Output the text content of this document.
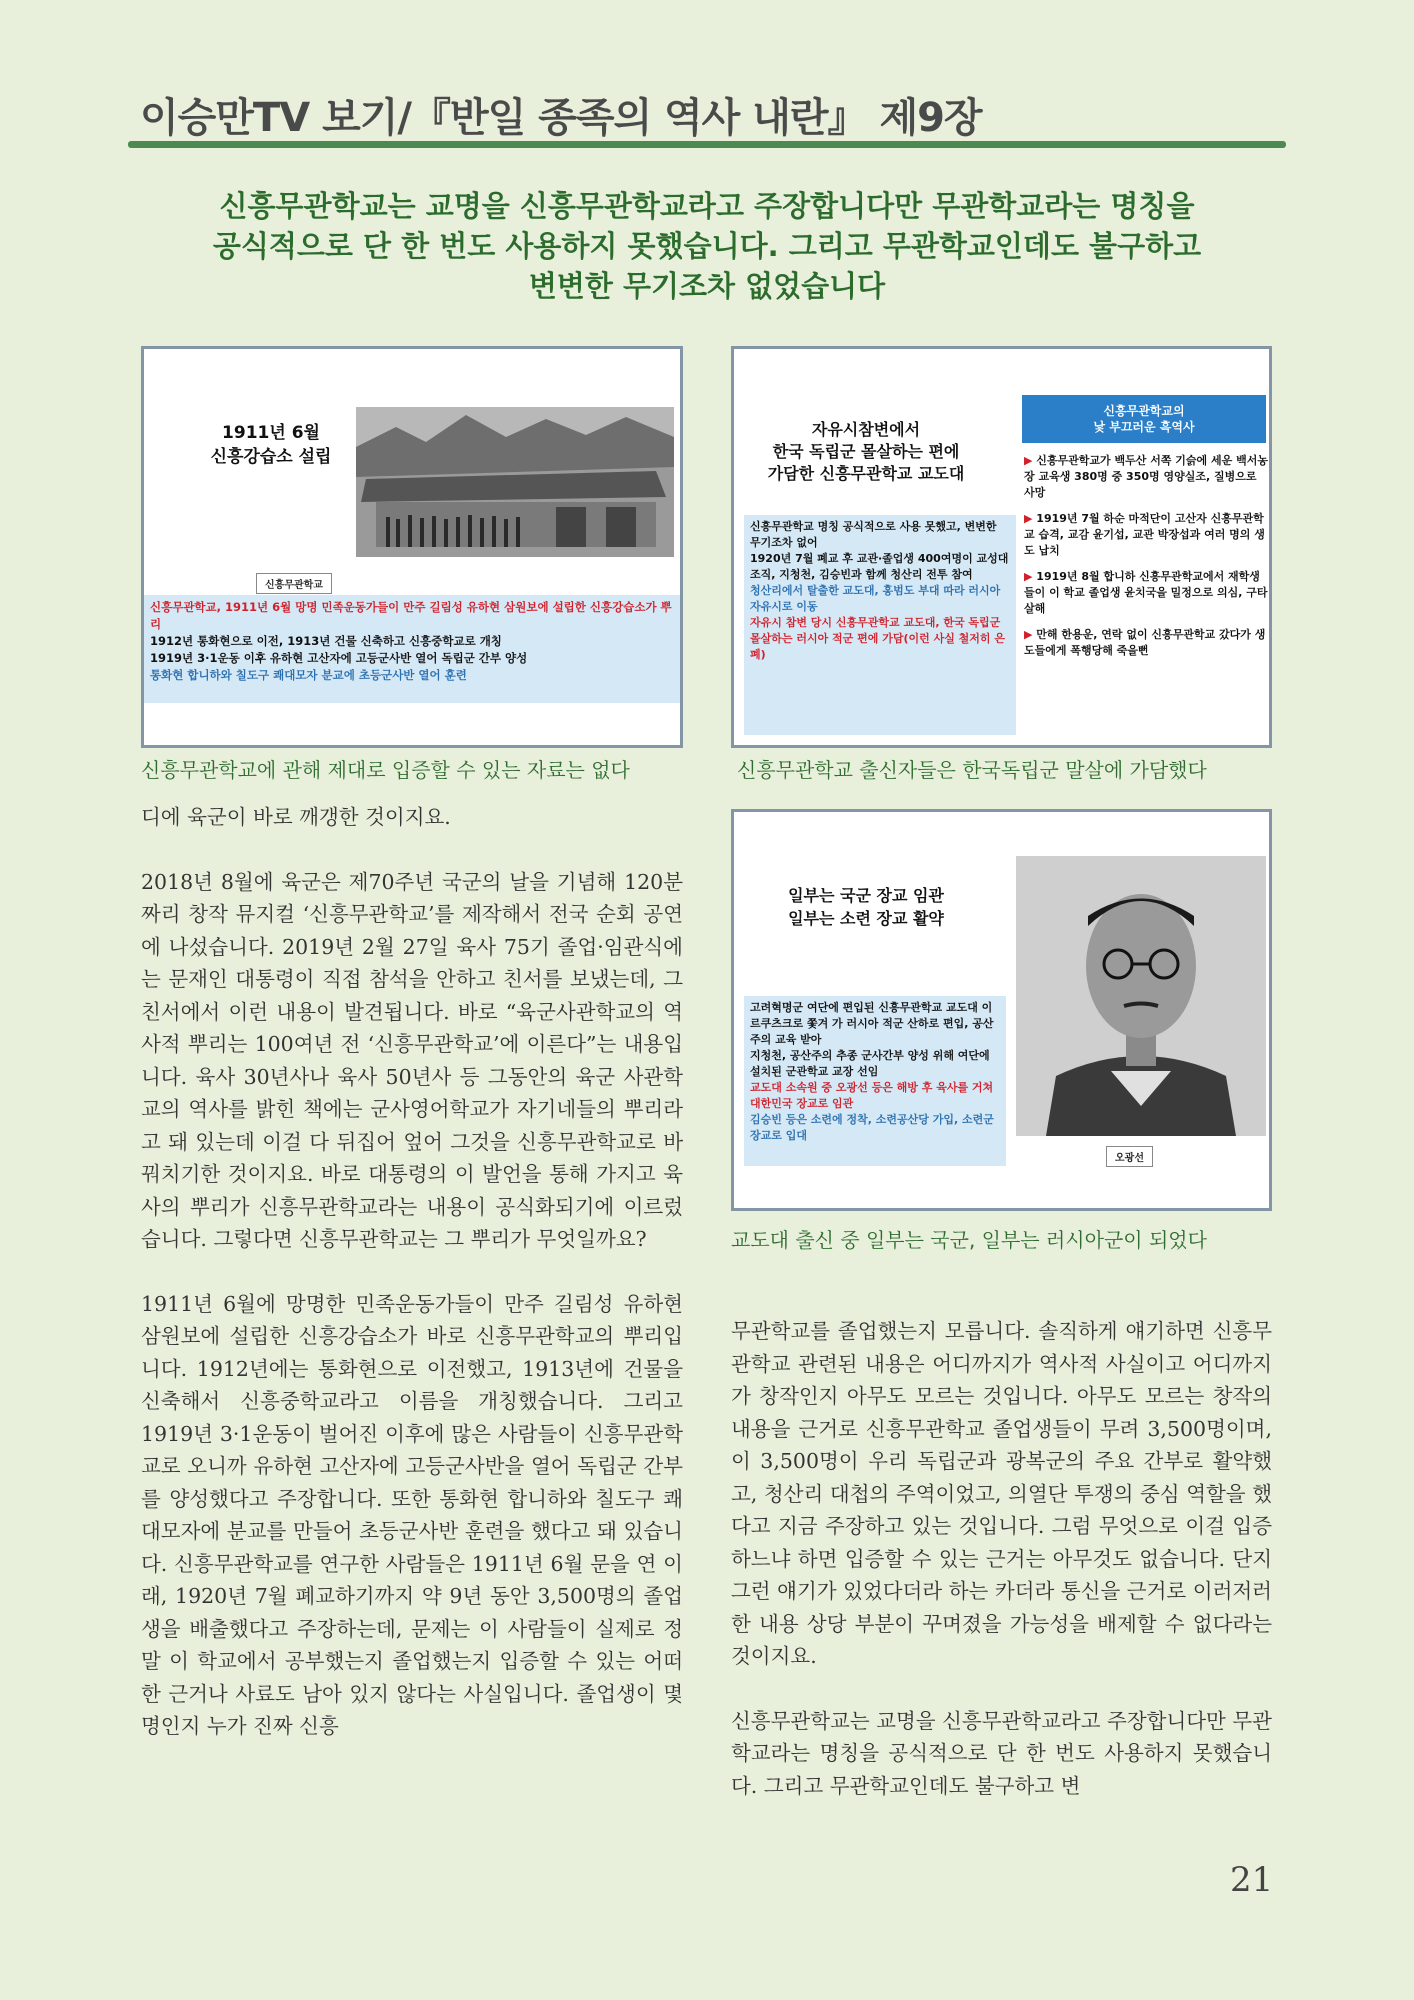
이승만TV 보기/『반일 종족의 역사 내란』 제9장
신흥무관학교는 교명을 신흥무관학교라고 주장합니다만 무관학교라는 명칭을
공식적으로 단 한 번도 사용하지 못했습니다. 그리고 무관학교인데도 불구하고
변변한 무기조차 없었습니다
1911년 6월
신흥강습소 설립
신흥무관학교
신흥무관학교, 1911년 6월 망명 민족운동가들이 만주 길림성 유하현 삼원보에 설립한 신흥강습소가 뿌리
1912년 통화현으로 이전, 1913년 건물 신축하고 신흥중학교로 개칭
1919년 3·1운동 이후 유하현 고산자에 고등군사반 열어 독립군 간부 양성
통화현 합니하와 칠도구 쾌대모자 분교에 초등군사반 열어 훈련
신흥무관학교에 관해 제대로 입증할 수 있는 자료는 없다
자유시참변에서
한국 독립군 몰살하는 편에
가담한 신흥무관학교 교도대
신흥무관학교 명칭 공식적으로 사용 못했고, 변변한 무기조차 없어
1920년 7월 폐교 후 교관·졸업생 400여명이 교성대 조직, 지청천, 김승빈과 함께 청산리 전투 참여
청산리에서 탈출한 교도대, 홍범도 부대 따라 러시아 자유시로 이동
자유시 참변 당시 신흥무관학교 교도대, 한국 독립군 몰살하는 러시아 적군 편에 가담(이런 사실 철저히 은폐)
신흥무관학교의
낯 부끄러운 흑역사
▶ 신흥무관학교가 백두산 서쪽 기슭에 세운 백서농장 교육생 380명 중 350명 영양실조, 질병으로 사망
▶ 1919년 7월 하순 마적단이 고산자 신흥무관학교 습격, 교감 윤기섭, 교관 박장섭과 여러 명의 생도 납치
▶ 1919년 8월 합니하 신흥무관학교에서 재학생들이 이 학교 졸업생 윤치국을 밀정으로 의심, 구타 살해
▶ 만해 한용운, 연락 없이 신흥무관학교 갔다가 생도들에게 폭행당해 죽을뻔
신흥무관학교 출신자들은 한국독립군 말살에 가담했다

디에 육군이 바로 깨갱한 것이지요.

2018년 8월에 육군은 제70주년 국군의 날을 기념해 120분짜리 창작 뮤지컬 ‘신흥무관학교’를 제작해서 전국 순회 공연에 나섰습니다. 2019년 2월 27일 육사 75기 졸업·임관식에는 문재인 대통령이 직접 참석을 안하고 친서를 보냈는데, 그 친서에서 이런 내용이 발견됩니다. 바로 “육군사관학교의 역사적 뿌리는 100여년 전 ‘신흥무관학교’에 이른다”는 내용입니다. 육사 30년사나 육사 50년사 등 그동안의 육군 사관학교의 역사를 밝힌 책에는 군사영어학교가 자기네들의 뿌리라고 돼 있는데 이걸 다 뒤집어 엎어 그것을 신흥무관학교로 바꿔치기한 것이지요. 바로 대통령의 이 발언을 통해 가지고 육사의 뿌리가 신흥무관학교라는 내용이 공식화되기에 이르렀습니다. 그렇다면 신흥무관학교는 그 뿌리가 무엇일까요?

1911년 6월에 망명한 민족운동가들이 만주 길림성 유하현 삼원보에 설립한 신흥강습소가 바로 신흥무관학교의 뿌리입니다. 1912년에는 통화현으로 이전했고, 1913년에 건물을 신축해서 신흥중학교라고 이름을 개칭했습니다. 그리고 1919년 3·1운동이 벌어진 이후에 많은 사람들이 신흥무관학교로 오니까 유하현 고산자에 고등군사반을 열어 독립군 간부를 양성했다고 주장합니다. 또한 통화현 합니하와 칠도구 쾌대모자에 분교를 만들어 초등군사반 훈련을 했다고 돼 있습니다. 신흥무관학교를 연구한 사람들은 1911년 6월 문을 연 이래, 1920년 7월 폐교하기까지 약 9년 동안 3,500명의 졸업생을 배출했다고 주장하는데, 문제는 이 사람들이 실제로 정말 이 학교에서 공부했는지 졸업했는지 입증할 수 있는 어떠한 근거나 사료도 남아 있지 않다는 사실입니다. 졸업생이 몇 명인지 누가 진짜 신흥

일부는 국군 장교 임관
일부는 소련 장교 활약
고려혁명군 여단에 편입된 신흥무관학교 교도대 이르쿠츠크로 쫓겨 가 러시아 적군 산하로 편입, 공산주의 교육 받아
지청천, 공산주의 추종 군사간부 양성 위해 여단에 설치된 군관학교 교장 선임
교도대 소속원 중 오광선 등은 해방 후 육사를 거쳐 대한민국 장교로 임관
김승빈 등은 소련에 정착, 소련공산당 가입, 소련군 장교로 입대
오광선
교도대 출신 중 일부는 국군, 일부는 러시아군이 되었다

무관학교를 졸업했는지 모릅니다. 솔직하게 얘기하면 신흥무관학교 관련된 내용은 어디까지가 역사적 사실이고 어디까지가 창작인지 아무도 모르는 것입니다. 아무도 모르는 창작의 내용을 근거로 신흥무관학교 졸업생들이 무려 3,500명이며, 이 3,500명이 우리 독립군과 광복군의 주요 간부로 활약했고, 청산리 대첩의 주역이었고, 의열단 투쟁의 중심 역할을 했다고 지금 주장하고 있는 것입니다. 그럼 무엇으로 이걸 입증하느냐 하면 입증할 수 있는 근거는 아무것도 없습니다. 단지 그런 얘기가 있었다더라 하는 카더라 통신을 근거로 이러저러한 내용 상당 부분이 꾸며졌을 가능성을 배제할 수 없다라는 것이지요.

신흥무관학교는 교명을 신흥무관학교라고 주장합니다만 무관학교라는 명칭을 공식적으로 단 한 번도 사용하지 못했습니다. 그리고 무관학교인데도 불구하고 변

21
